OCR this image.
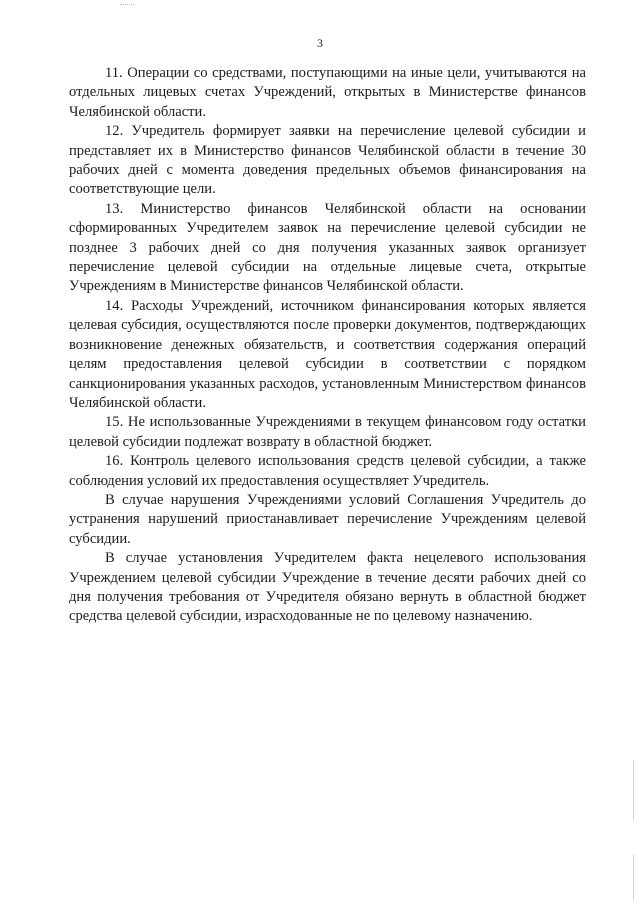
3

11. Операции со средствами, поступающими на иные цели, учитываются на отдельных лицевых счетах Учреждений, открытых в Министерстве финансов Челябинской области.

12. Учредитель формирует заявки на перечисление целевой субсидии и представляет их в Министерство финансов Челябинской области в течение 30 рабочих дней с момента доведения предельных объемов финансирования на соответствующие цели.

13. Министерство финансов Челябинской области на основании сформированных Учредителем заявок на перечисление целевой субсидии не позднее 3 рабочих дней со дня получения указанных заявок организует перечисление целевой субсидии на отдельные лицевые счета, открытые Учреждениям в Министерстве финансов Челябинской области.

14. Расходы Учреждений, источником финансирования которых является целевая субсидия, осуществляются после проверки документов, подтверждающих возникновение денежных обязательств, и соответствия содержания операций целям предоставления целевой субсидии в соответствии с порядком санкционирования указанных расходов, установленным Министерством финансов Челябинской области.

15. Не использованные Учреждениями в текущем финансовом году остатки целевой субсидии подлежат возврату в областной бюджет.

16. Контроль целевого использования средств целевой субсидии, а также соблюдения условий их предоставления осуществляет Учредитель.

В случае нарушения Учреждениями условий Соглашения Учредитель до устранения нарушений приостанавливает перечисление Учреждениям целевой субсидии.

В случае установления Учредителем факта нецелевого использования Учреждением целевой субсидии Учреждение в течение десяти рабочих дней со дня получения требования от Учредителя обязано вернуть в областной бюджет средства целевой субсидии, израсходованные не по целевому назначению.
